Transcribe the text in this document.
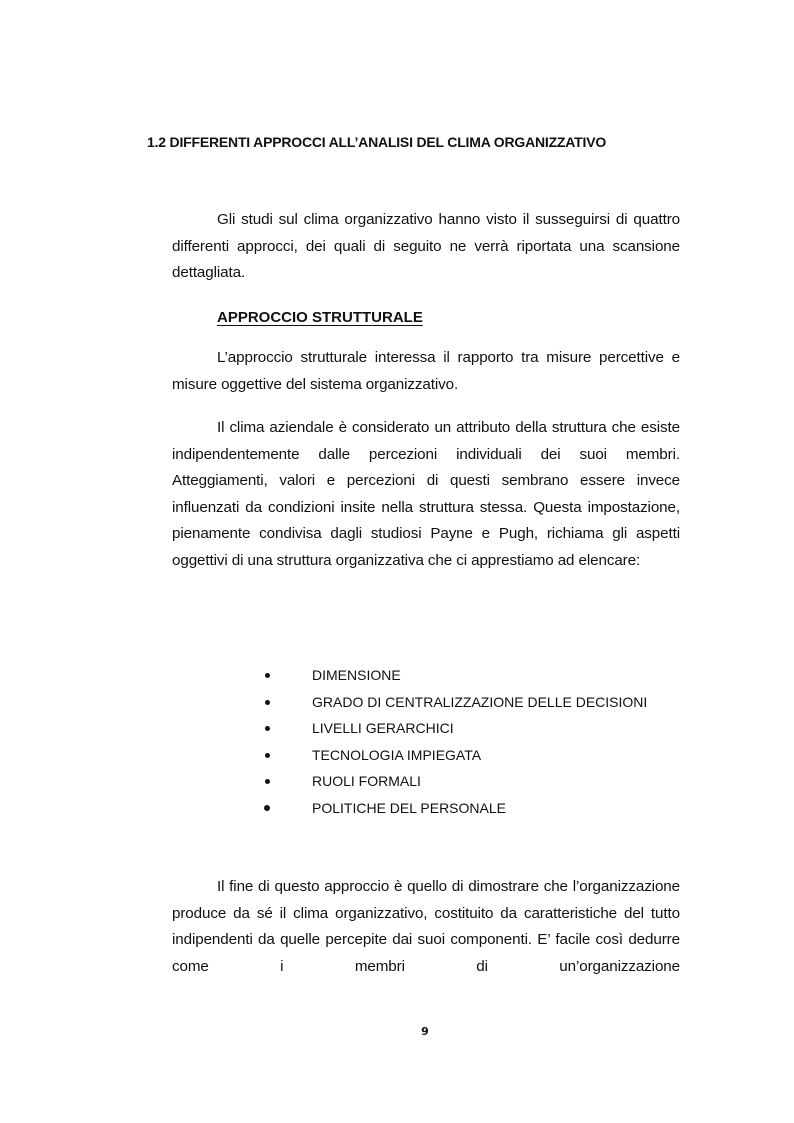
1.2 DIFFERENTI APPROCCI ALL’ANALISI DEL CLIMA ORGANIZZATIVO

Gli studi sul clima organizzativo hanno visto il susseguirsi di quattro differenti approcci, dei quali di seguito ne verrà riportata una scansione dettagliata.

APPROCCIO STRUTTURALE

L’approccio strutturale interessa il rapporto tra misure percettive e misure oggettive del sistema organizzativo.

Il clima aziendale è considerato un attributo della struttura che esiste indipendentemente dalle percezioni individuali dei suoi membri. Atteggiamenti, valori e percezioni di questi sembrano essere invece influenzati da condizioni insite nella struttura stessa. Questa impostazione, pienamente condivisa dagli studiosi Payne e Pugh, richiama gli aspetti oggettivi di una struttura organizzativa che ci apprestiamo ad elencare:

DIMENSIONE
GRADO DI CENTRALIZZAZIONE DELLE DECISIONI
LIVELLI GERARCHICI
TECNOLOGIA IMPIEGATA
RUOLI FORMALI
POLITICHE DEL PERSONALE

Il fine di questo approccio è quello di dimostrare che l’organizzazione produce da sé il clima organizzativo, costituito da caratteristiche del tutto indipendenti da quelle percepite dai suoi componenti. E’ facile così dedurre come i membri di un’organizzazione

9
